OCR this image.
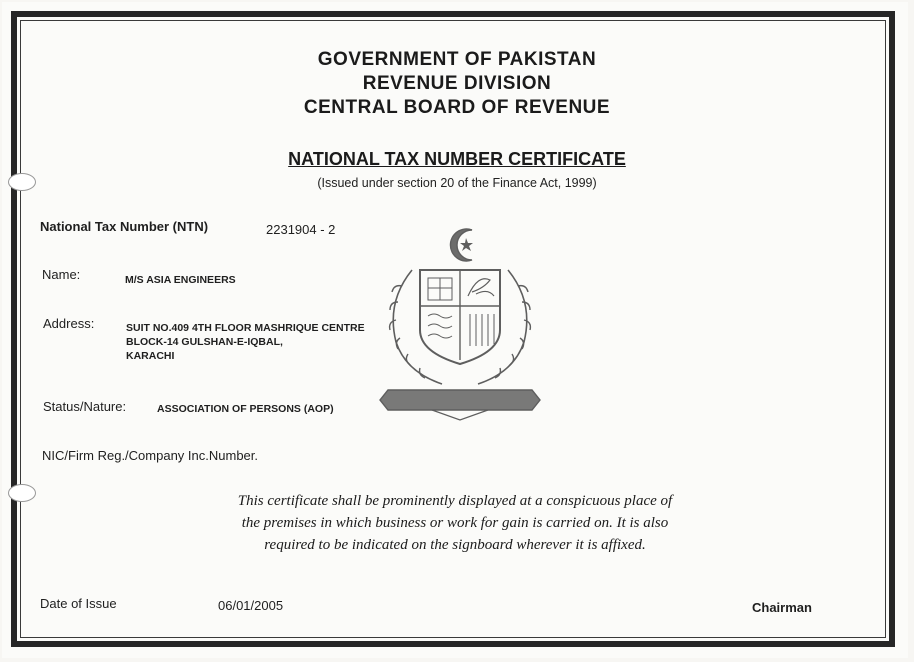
GOVERNMENT OF PAKISTAN
REVENUE DIVISION
CENTRAL BOARD OF REVENUE
NATIONAL TAX NUMBER CERTIFICATE
(Issued under section 20 of the Finance Act, 1999)
National Tax Number (NTN)	2231904 - 2
Name:	M/S ASIA ENGINEERS
Address:	SUIT NO.409 4TH FLOOR MASHRIQUE CENTRE
BLOCK-14 GULSHAN-E-IQBAL,
KARACHI
Status/Nature:	ASSOCIATION OF PERSONS (AOP)
NIC/Firm Reg./Company Inc.Number.
This certificate shall be prominently displayed at a conspicuous place of
the premises in which business or work for gain is carried on. It is also
required to be indicated on the signboard wherever it is affixed.
Date of Issue	06/01/2005	Chairman
